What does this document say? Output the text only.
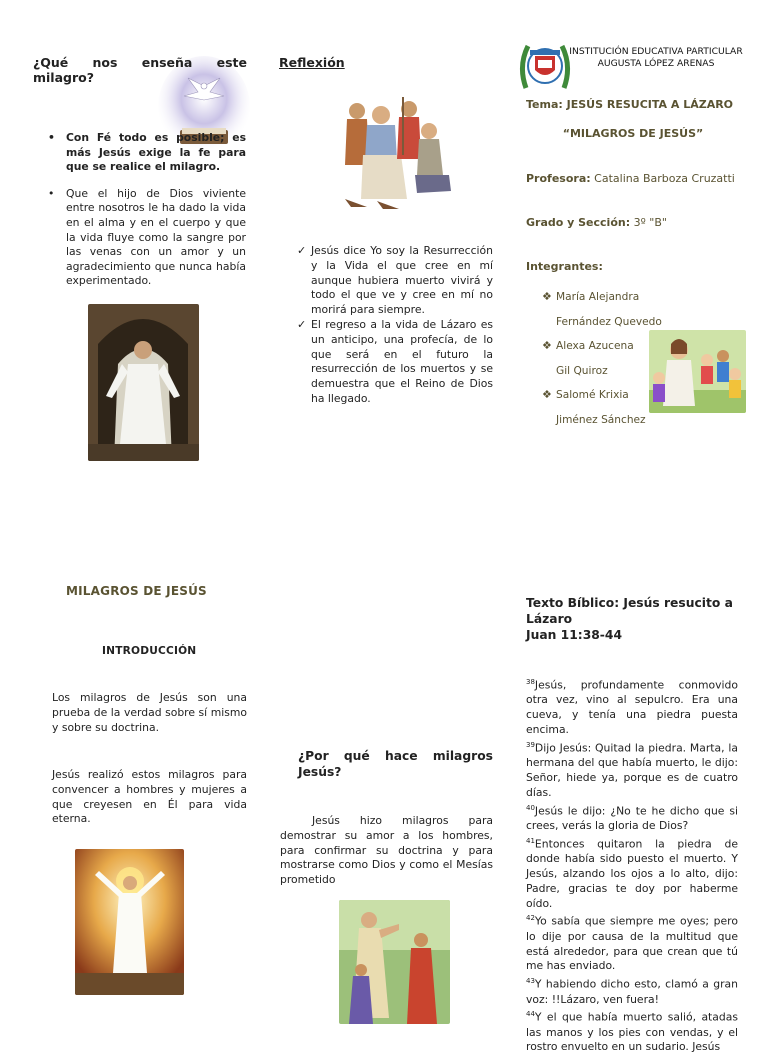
¿Qué nos enseña este milagro?
• Con Fé todo es posible; es más Jesús exige la fe para que se realice el milagro.
• Que el hijo de Dios viviente entre nosotros le ha dado la vida en el alma y en el cuerpo y que la vida fluye como la sangre por las venas con un amor y un agradecimiento que nunca había experimentado.
Reflexión
✓ Jesús dice Yo soy la Resurrección y la Vida el que cree en mí aunque hubiera muerto vivirá y todo el que ve y cree en mí no morirá para siempre.
✓ El regreso a la vida de Lázaro es un anticipo, una profecía, de lo que será en el futuro la resurrección de los muertos y se demuestra que el Reino de Dios ha llegado.
INSTITUCIÓN EDUCATIVA PARTICULAR
AUGUSTA LÓPEZ ARENAS
Tema: JESÚS RESUCITA A LÁZARO
“MILAGROS DE JESÚS”
Profesora: Catalina Barboza Cruzatti
Grado y Sección: 3º "B"
Integrantes:
❖ María Alejandra
Fernández Quevedo
❖ Alexa Azucena
Gil Quiroz
❖ Salomé Krixia
Jiménez Sánchez
MILAGROS DE JESÚS
INTRODUCCIÓN
Los milagros de Jesús son una prueba de la verdad sobre sí mismo y sobre su doctrina.
Jesús realizó estos milagros para convencer a hombres y mujeres a que creyesen en Él para vida eterna.
¿Por qué hace milagros Jesús?
Jesús hizo milagros para demostrar su amor a los hombres, para confirmar su doctrina y para mostrarse como Dios y como el Mesías prometido
Texto Bíblico: Jesús resucito a Lázaro
Juan 11:38-44

$^{38}$Jesús, profundamente conmovido otra vez, vino al sepulcro. Era una cueva, y tenía una piedra puesta encima.

$^{39}$Dijo Jesús: Quitad la piedra. Marta, la hermana del que había muerto, le dijo: Señor, hiede ya, porque es de cuatro días.

$^{40}$Jesús le dijo: ¿No te he dicho que si crees, verás la gloria de Dios?

$^{41}$Entonces quitaron la piedra de donde había sido puesto el muerto. Y Jesús, alzando los ojos a lo alto, dijo: Padre, gracias te doy por haberme oído.

$^{42}$Yo sabía que siempre me oyes; pero lo dije por causa de la multitud que está alrededor, para que crean que tú me has enviado.

$^{43}$Y habiendo dicho esto, clamó a gran voz: !!Lázaro, ven fuera!

$^{44}$Y el que había muerto salió, atadas las manos y los pies con vendas, y el rostro envuelto en un sudario. Jesús
